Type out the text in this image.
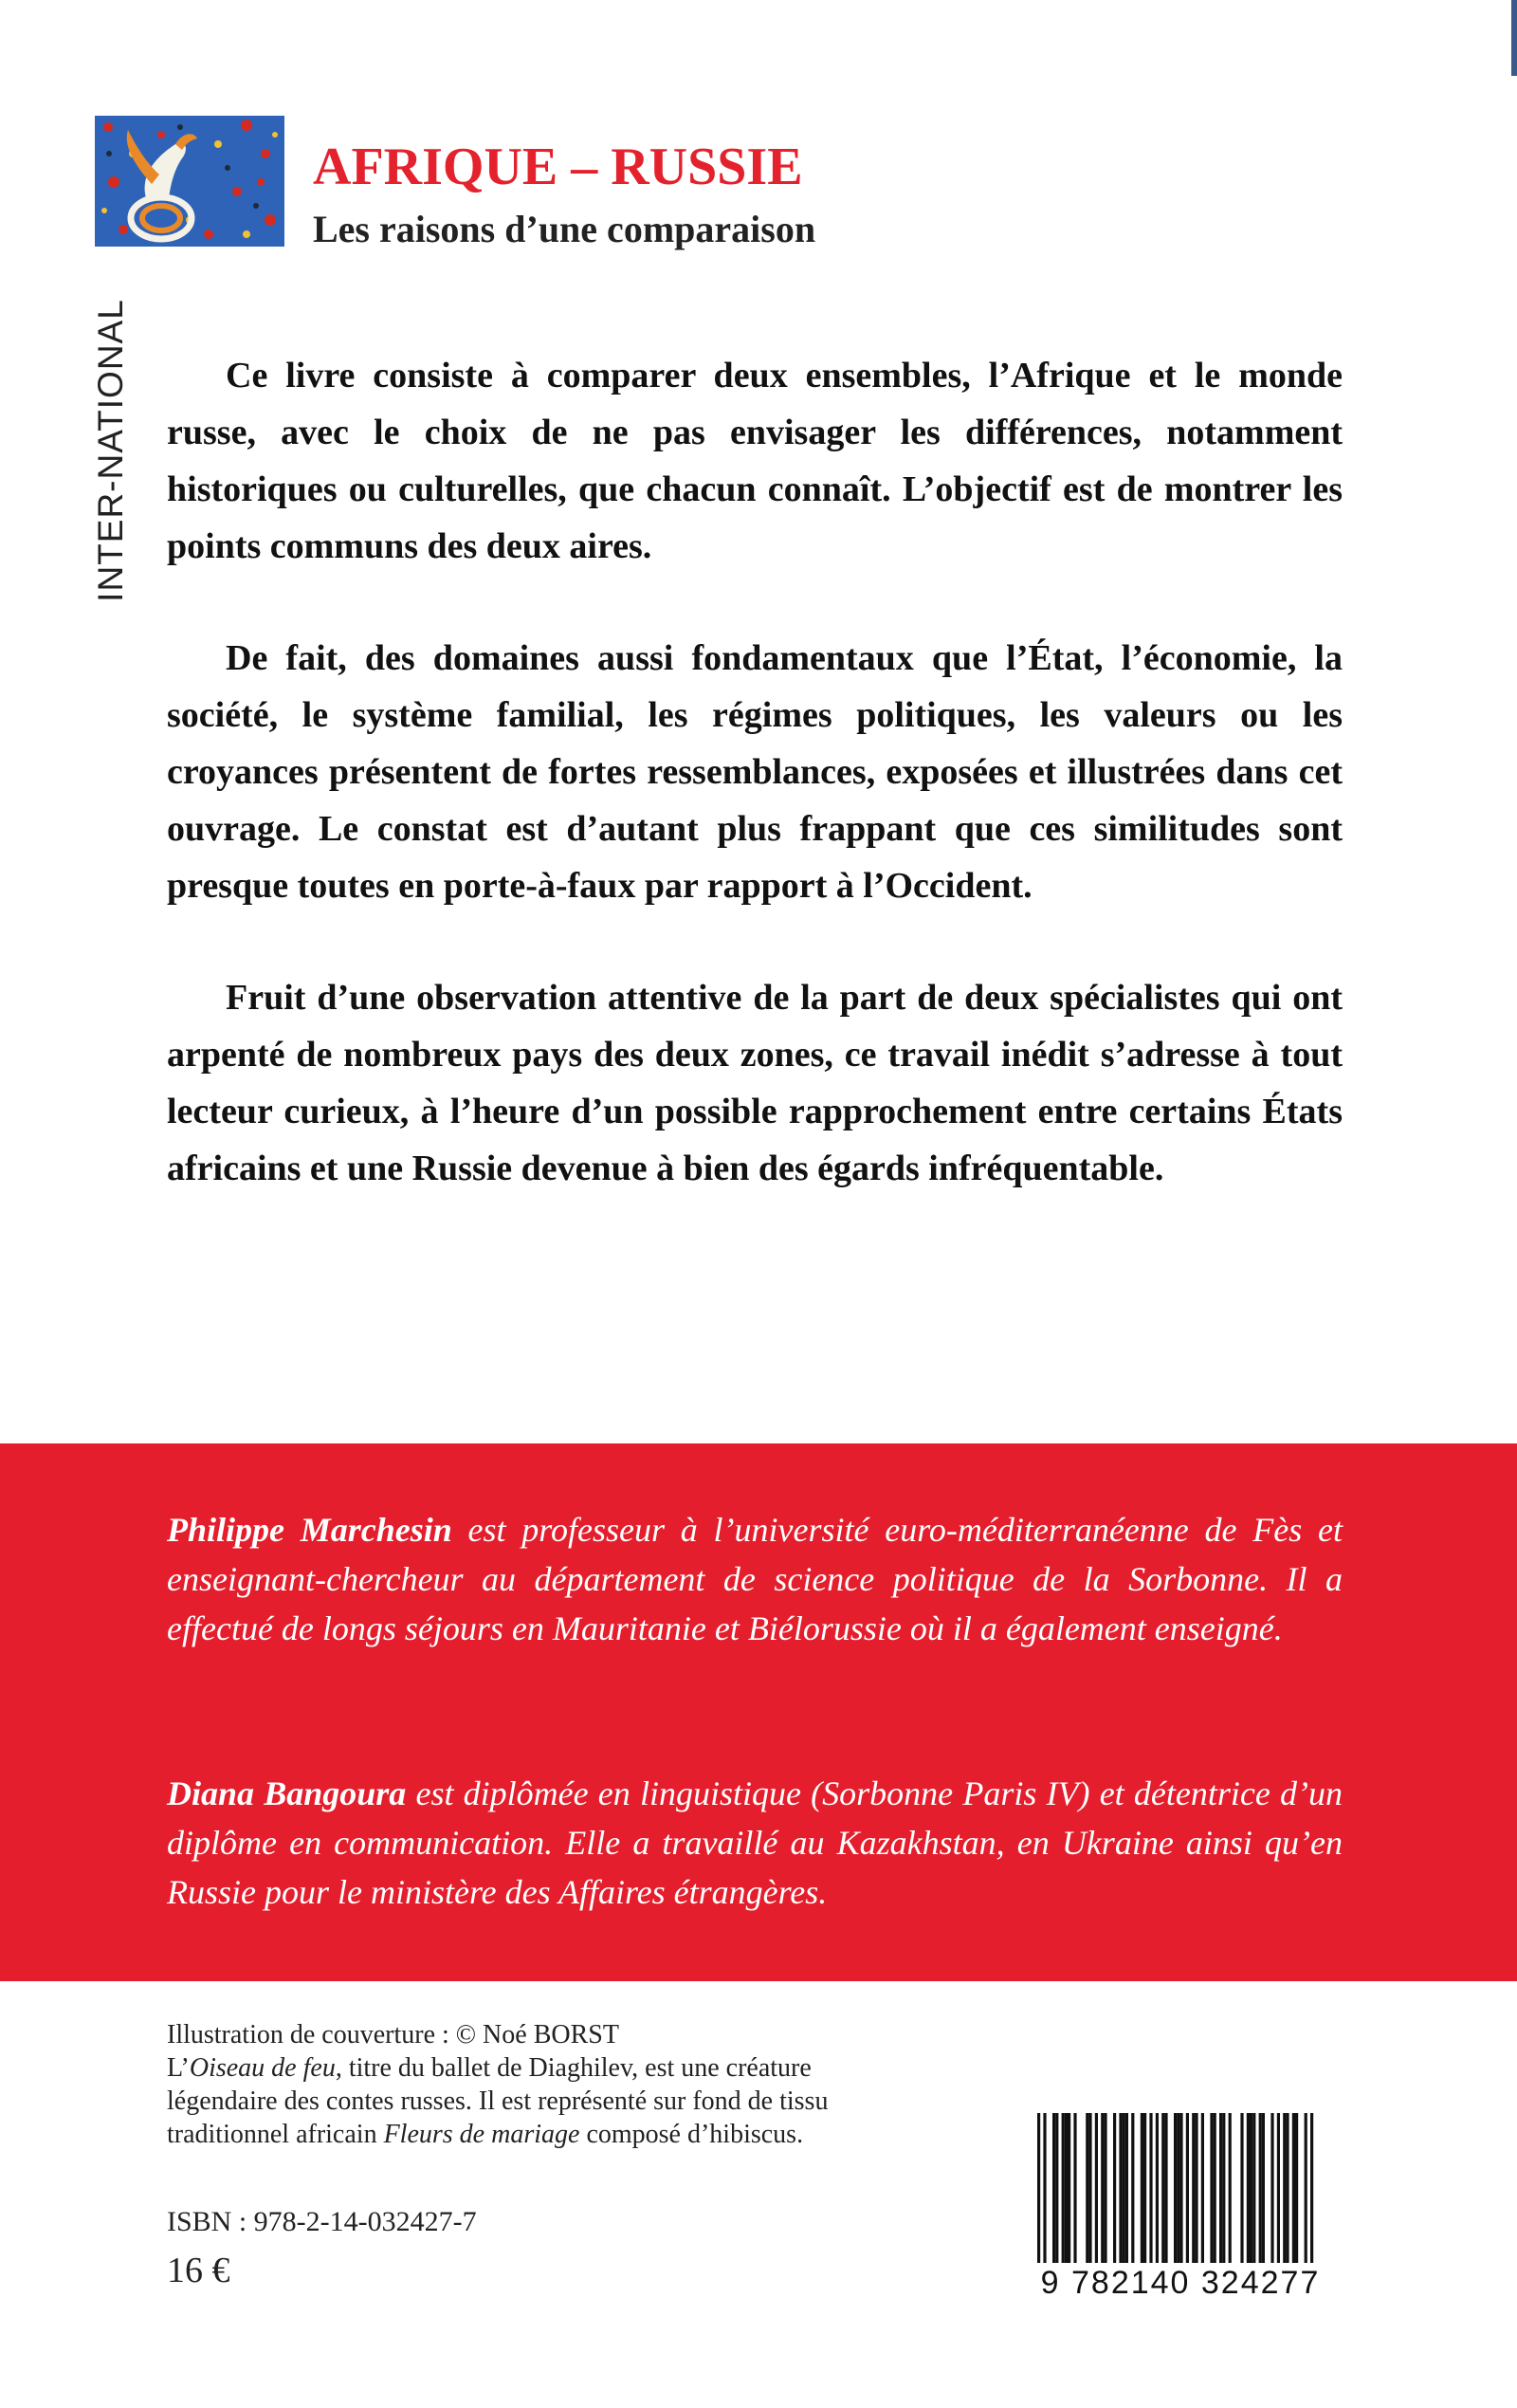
INTER-NATIONAL
AFRIQUE – RUSSIE
Les raisons d’une comparaison

Ce livre consiste à comparer deux ensembles, l’Afrique et le monde russe, avec le choix de ne pas envisager les différences, notamment historiques ou culturelles, que chacun connaît. L’objectif est de montrer les points communs des deux aires.

De fait, des domaines aussi fondamentaux que l’État, l’économie, la société, le système familial, les régimes politiques, les valeurs ou les croyances présentent de fortes ressemblances, exposées et illustrées dans cet ouvrage. Le constat est d’autant plus frappant que ces similitudes sont presque toutes en porte-à-faux par rapport à l’Occident.

Fruit d’une observation attentive de la part de deux spécialistes qui ont arpenté de nombreux pays des deux zones, ce travail inédit s’adresse à tout lecteur curieux, à l’heure d’un possible rapprochement entre certains États africains et une Russie devenue à bien des égards infréquentable.

Philippe Marchesin est professeur à l’université euro-méditerranéenne de Fès et enseignant-chercheur au département de science politique de la Sorbonne. Il a effectué de longs séjours en Mauritanie et Biélorussie où il a également enseigné.

Diana Bangoura est diplômée en linguistique (Sorbonne Paris IV) et détentrice d’un diplôme en communication. Elle a travaillé au Kazakhstan, en Ukraine ainsi qu’en Russie pour le ministère des Affaires étrangères.

Illustration de couverture : © Noé BORST
L’Oiseau de feu, titre du ballet de Diaghilev, est une créature
légendaire des contes russes. Il est représenté sur fond de tissu
traditionnel africain Fleurs de mariage composé d’hibiscus.
ISBN : 978-2-14-032427-7
16 €	9 782140 324277
